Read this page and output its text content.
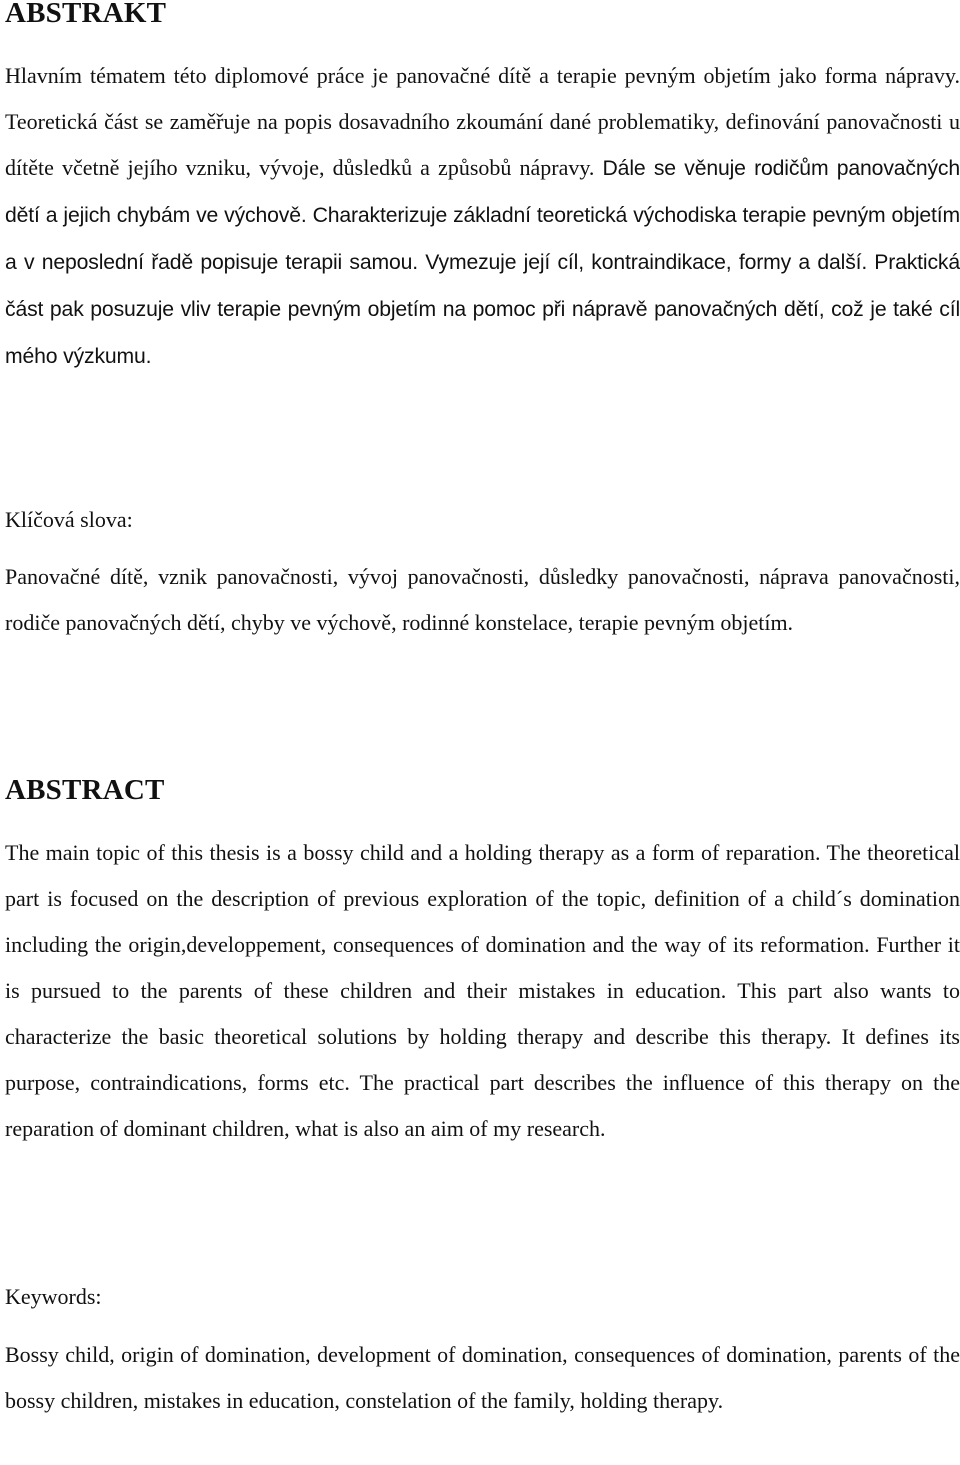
ABSTRAKT

Hlavním tématem této diplomové práce je panovačné dítě a terapie pevným objetím jako forma nápravy. Teoretická část se zaměřuje na popis dosavadního zkoumání dané problematiky, definování panovačnosti u dítěte včetně jejího vzniku, vývoje, důsledků a způsobů nápravy. Dále se věnuje rodičům panovačných dětí a jejich chybám ve výchově. Charakterizuje základní teoretická východiska terapie pevným objetím a v neposlední řadě popisuje terapii samou. Vymezuje její cíl, kontraindikace, formy a další. Praktická část pak posuzuje vliv terapie pevným objetím na pomoc při nápravě panovačných dětí, což je také cíl mého výzkumu.

Klíčová slova:

Panovačné dítě, vznik panovačnosti, vývoj panovačnosti, důsledky panovačnosti, náprava panovačnosti, rodiče panovačných dětí, chyby ve výchově, rodinné konstelace, terapie pevným objetím.

ABSTRACT

The main topic of this thesis is a bossy child and a holding therapy as a form of reparation. The theoretical part is focused on the description of previous exploration of the topic, definition of a child´s domination including the origin,developpement, consequences of domination and the way of its reformation. Further it is pursued to the parents of these children and their mistakes in education. This part also wants to characterize the basic theoretical solutions by holding therapy and describe this therapy. It defines its purpose, contraindications, forms etc. The practical part describes the influence of this therapy on the reparation of dominant children, what is also an aim of my research.

Keywords:

Bossy child, origin of domination, development of domination, consequences of domination, parents of the bossy children, mistakes in education, constelation of the family, holding therapy.
